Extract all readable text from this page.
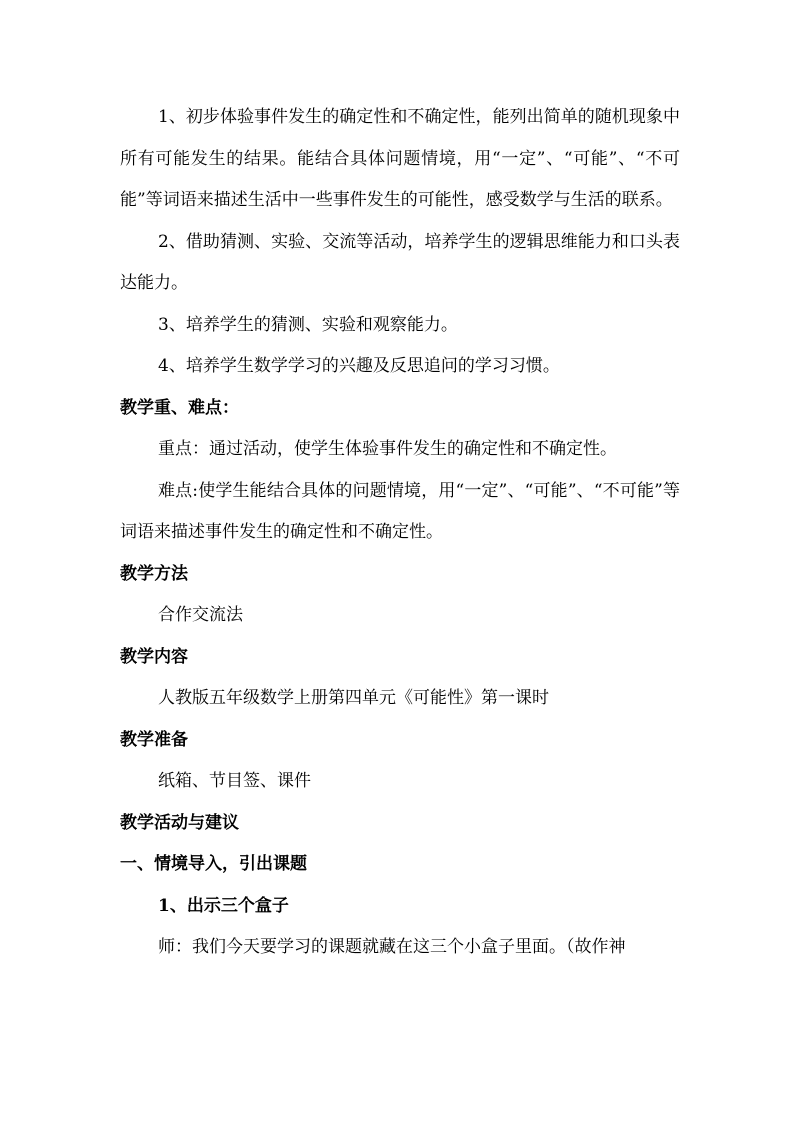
1、初步体验事件发生的确定性和不确定性，能列出简单的随机现象中所有可能发生的结果。能结合具体问题情境，用“一定”、“可能”、“不可能”等词语来描述生活中一些事件发生的可能性，感受数学与生活的联系。

2、借助猜测、实验、交流等活动，培养学生的逻辑思维能力和口头表达能力。

3、培养学生的猜测、实验和观察能力。

4、培养学生数学学习的兴趣及反思追问的学习习惯。

教学重、难点：

重点：通过活动，使学生体验事件发生的确定性和不确定性。

难点:使学生能结合具体的问题情境，用“一定”、“可能”、“不可能”等词语来描述事件发生的确定性和不确定性。

教学方法

合作交流法

教学内容

人教版五年级数学上册第四单元《可能性》第一课时

教学准备

纸箱、节目签、课件

教学活动与建议

一、情境导入，引出课题

1、出示三个盒子

师：我们今天要学习的课题就藏在这三个小盒子里面。（故作神
